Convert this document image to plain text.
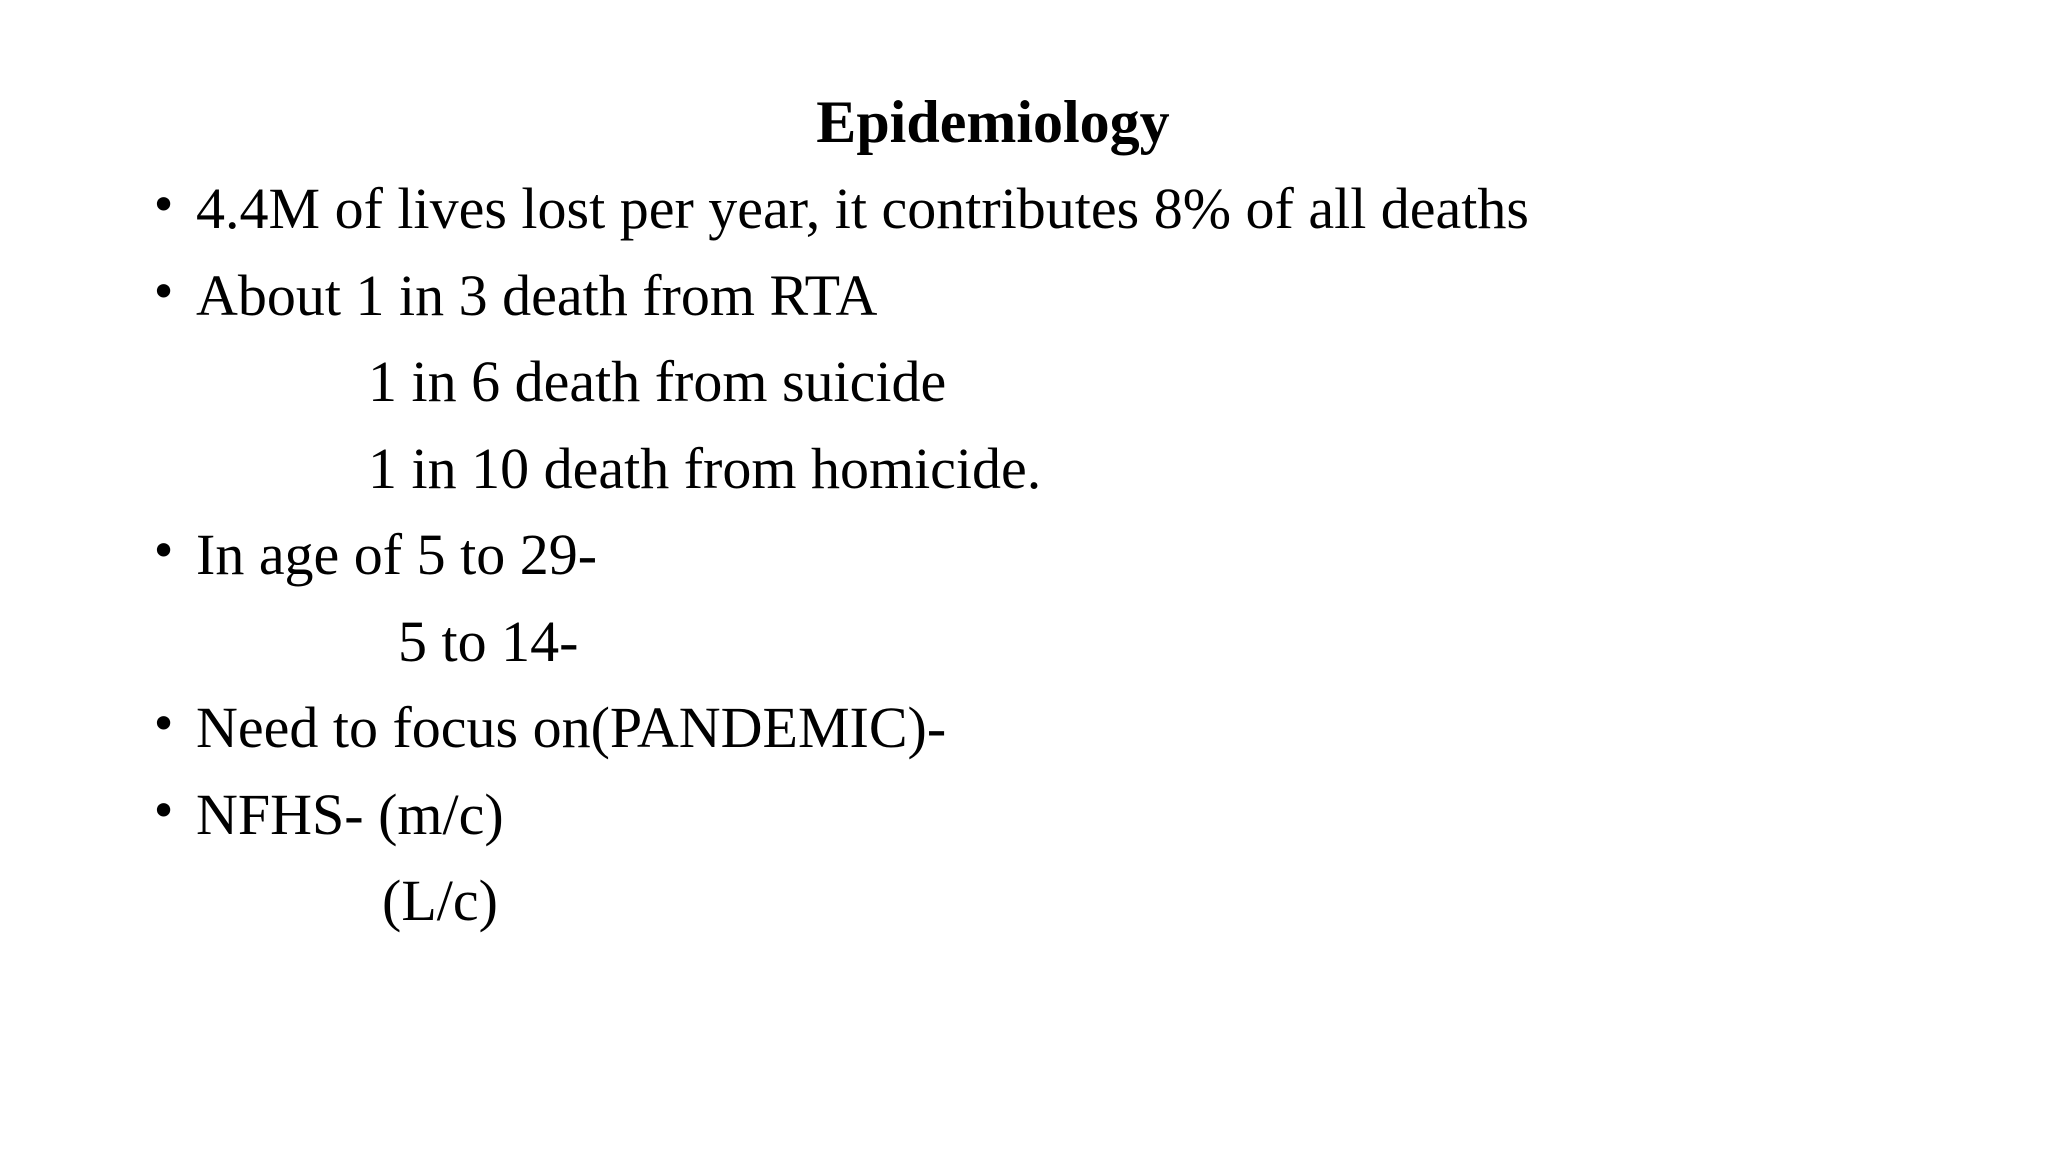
Epidemiology
• 4.4M of lives lost per year, it contributes 8% of all deaths
• About 1 in 3 death from RTA
1 in 6 death from suicide
1 in 10 death from homicide.
• In age of 5 to 29-
5 to 14-
• Need to focus on(PANDEMIC)-
• NFHS- (m/c)
(L/c)
